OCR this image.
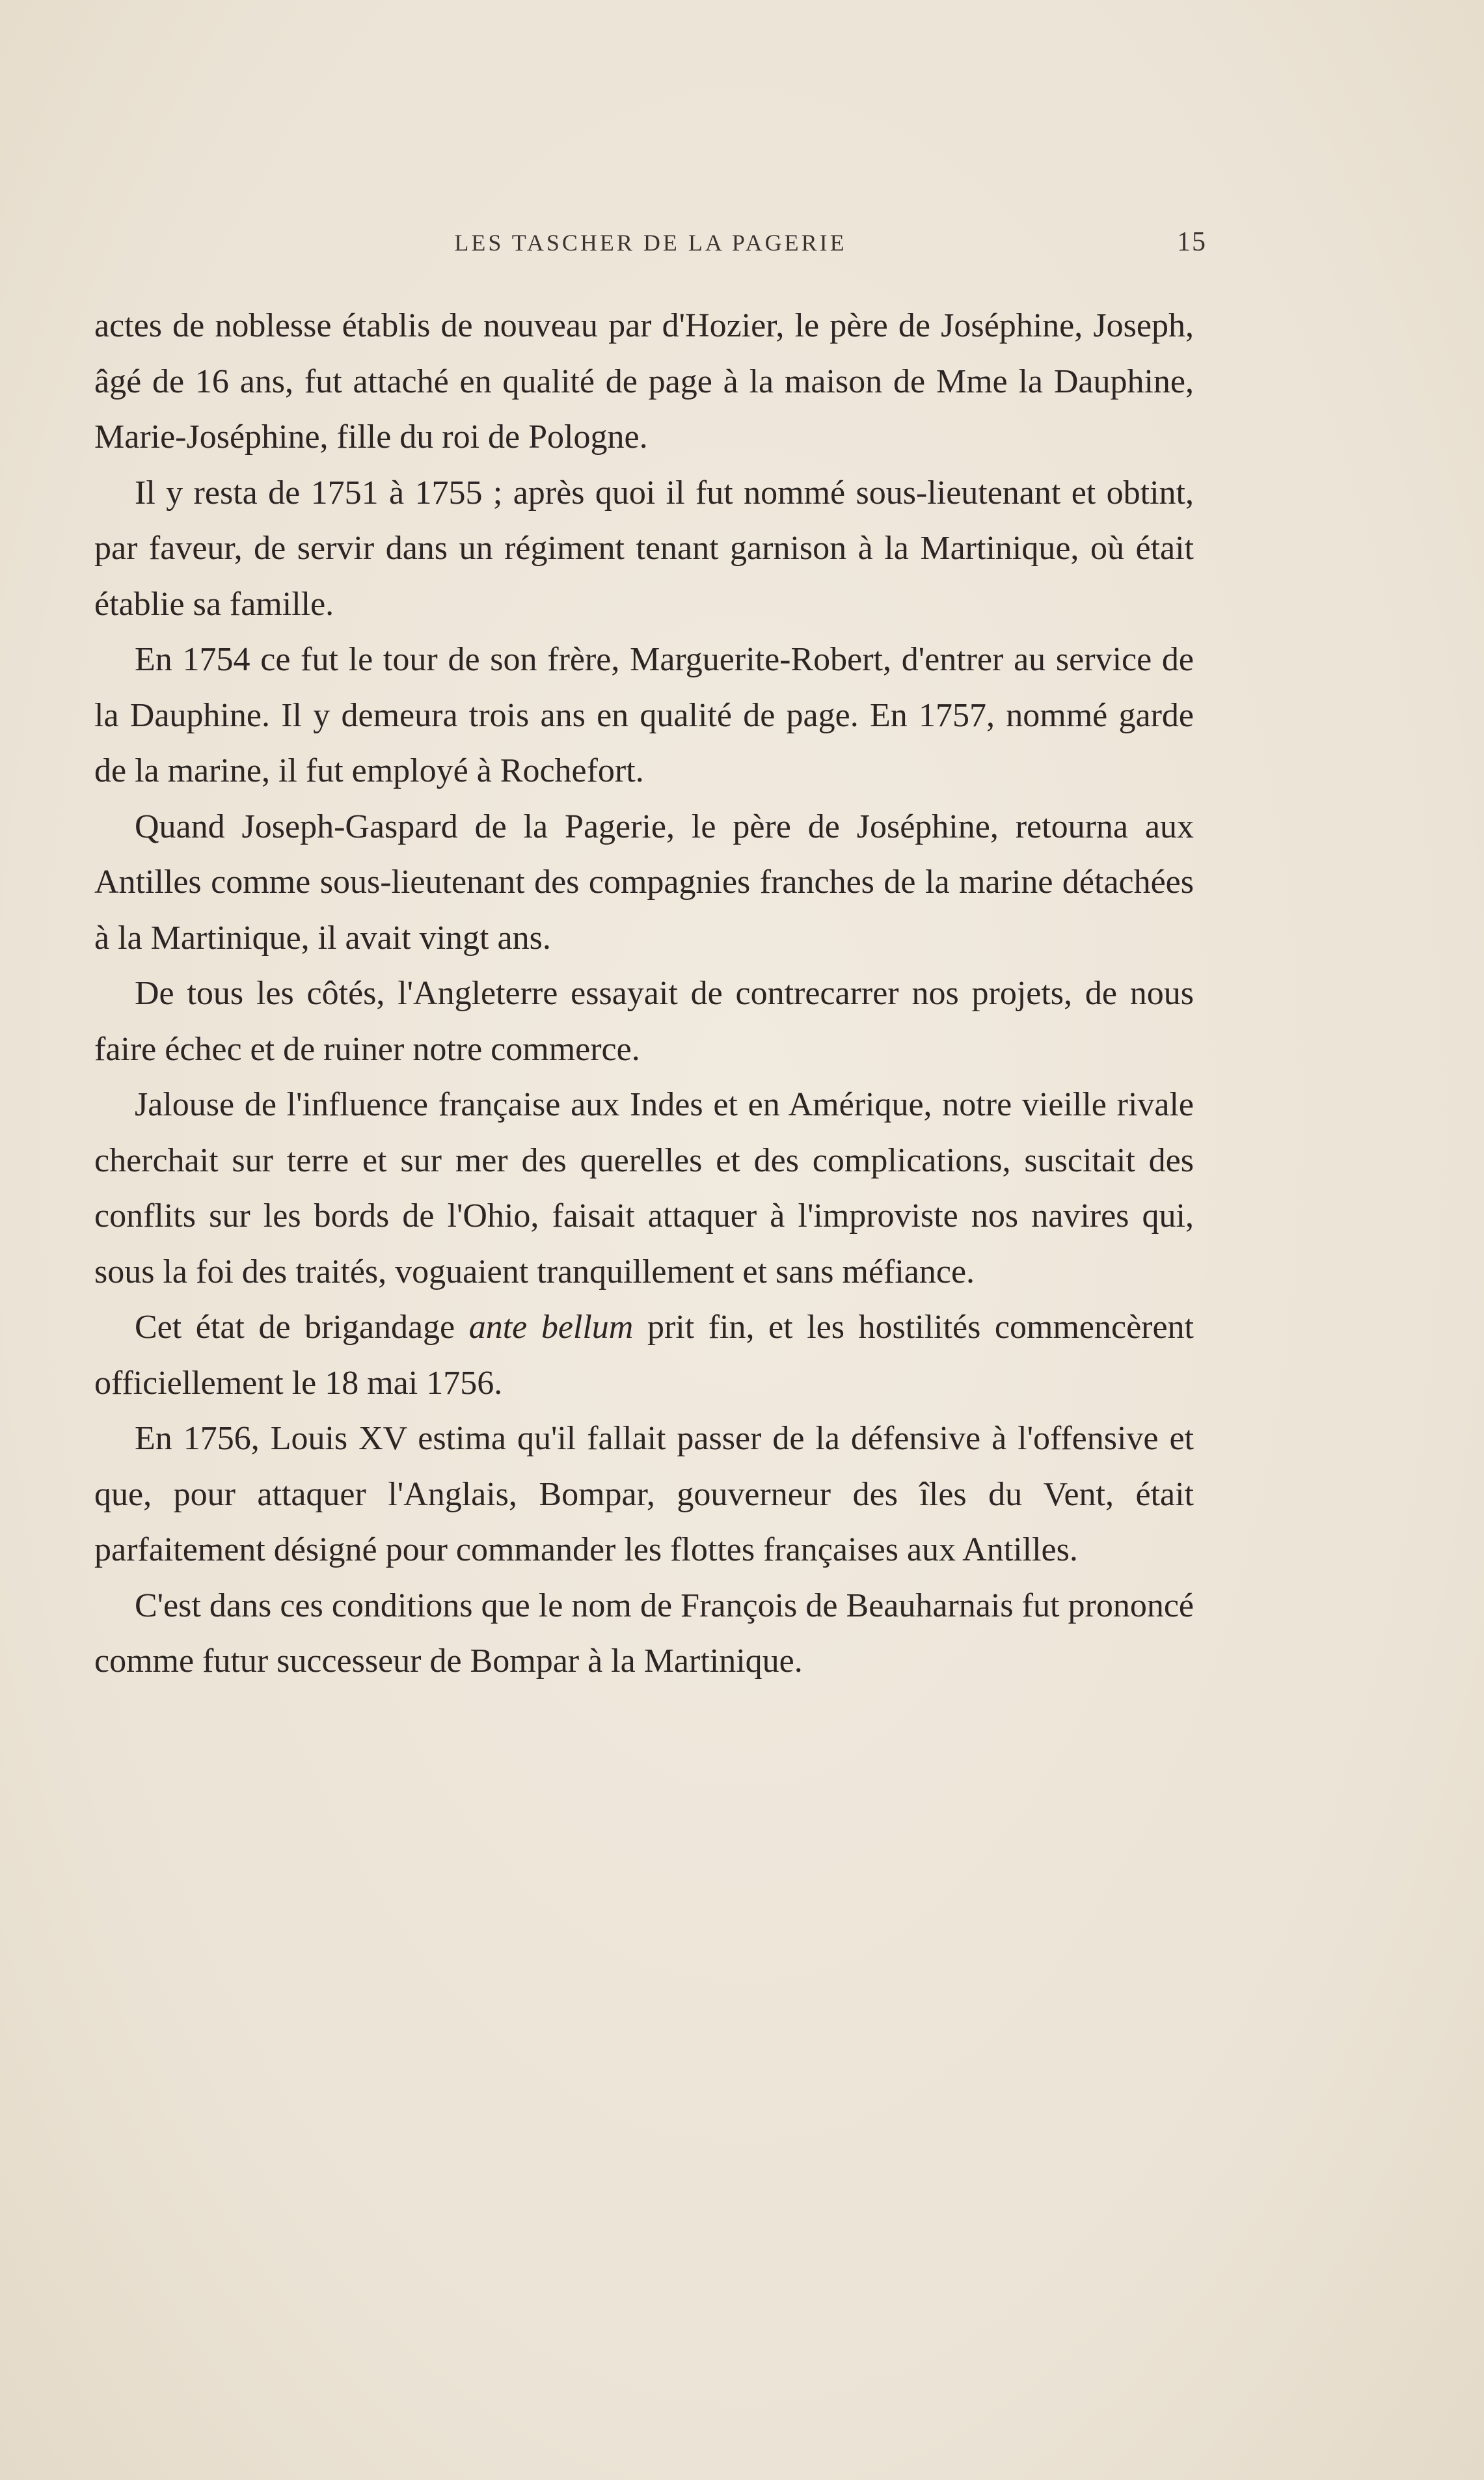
LES TASCHER DE LA PAGERIE	15

actes de noblesse établis de nouveau par d'Hozier, le père de Joséphine, Joseph, âgé de 16 ans, fut attaché en qualité de page à la maison de Mme la Dauphine, Marie-Joséphine, fille du roi de Pologne.

Il y resta de 1751 à 1755 ; après quoi il fut nommé sous-lieutenant et obtint, par faveur, de servir dans un régiment tenant garnison à la Martinique, où était établie sa famille.

En 1754 ce fut le tour de son frère, Marguerite-Robert, d'entrer au service de la Dauphine. Il y demeura trois ans en qualité de page. En 1757, nommé garde de la marine, il fut employé à Rochefort.

Quand Joseph-Gaspard de la Pagerie, le père de Joséphine, retourna aux Antilles comme sous-lieutenant des compagnies franches de la marine détachées à la Martinique, il avait vingt ans.

De tous les côtés, l'Angleterre essayait de contrecarrer nos projets, de nous faire échec et de ruiner notre commerce.

Jalouse de l'influence française aux Indes et en Amérique, notre vieille rivale cherchait sur terre et sur mer des querelles et des complications, suscitait des conflits sur les bords de l'Ohio, faisait attaquer à l'improviste nos navires qui, sous la foi des traités, voguaient tranquillement et sans méfiance.

Cet état de brigandage ante bellum prit fin, et les hostilités commencèrent officiellement le 18 mai 1756.

En 1756, Louis XV estima qu'il fallait passer de la défensive à l'offensive et que, pour attaquer l'Anglais, Bompar, gouverneur des îles du Vent, était parfaitement désigné pour commander les flottes françaises aux Antilles.

C'est dans ces conditions que le nom de François de Beauharnais fut prononcé comme futur successeur de Bompar à la Martinique.
